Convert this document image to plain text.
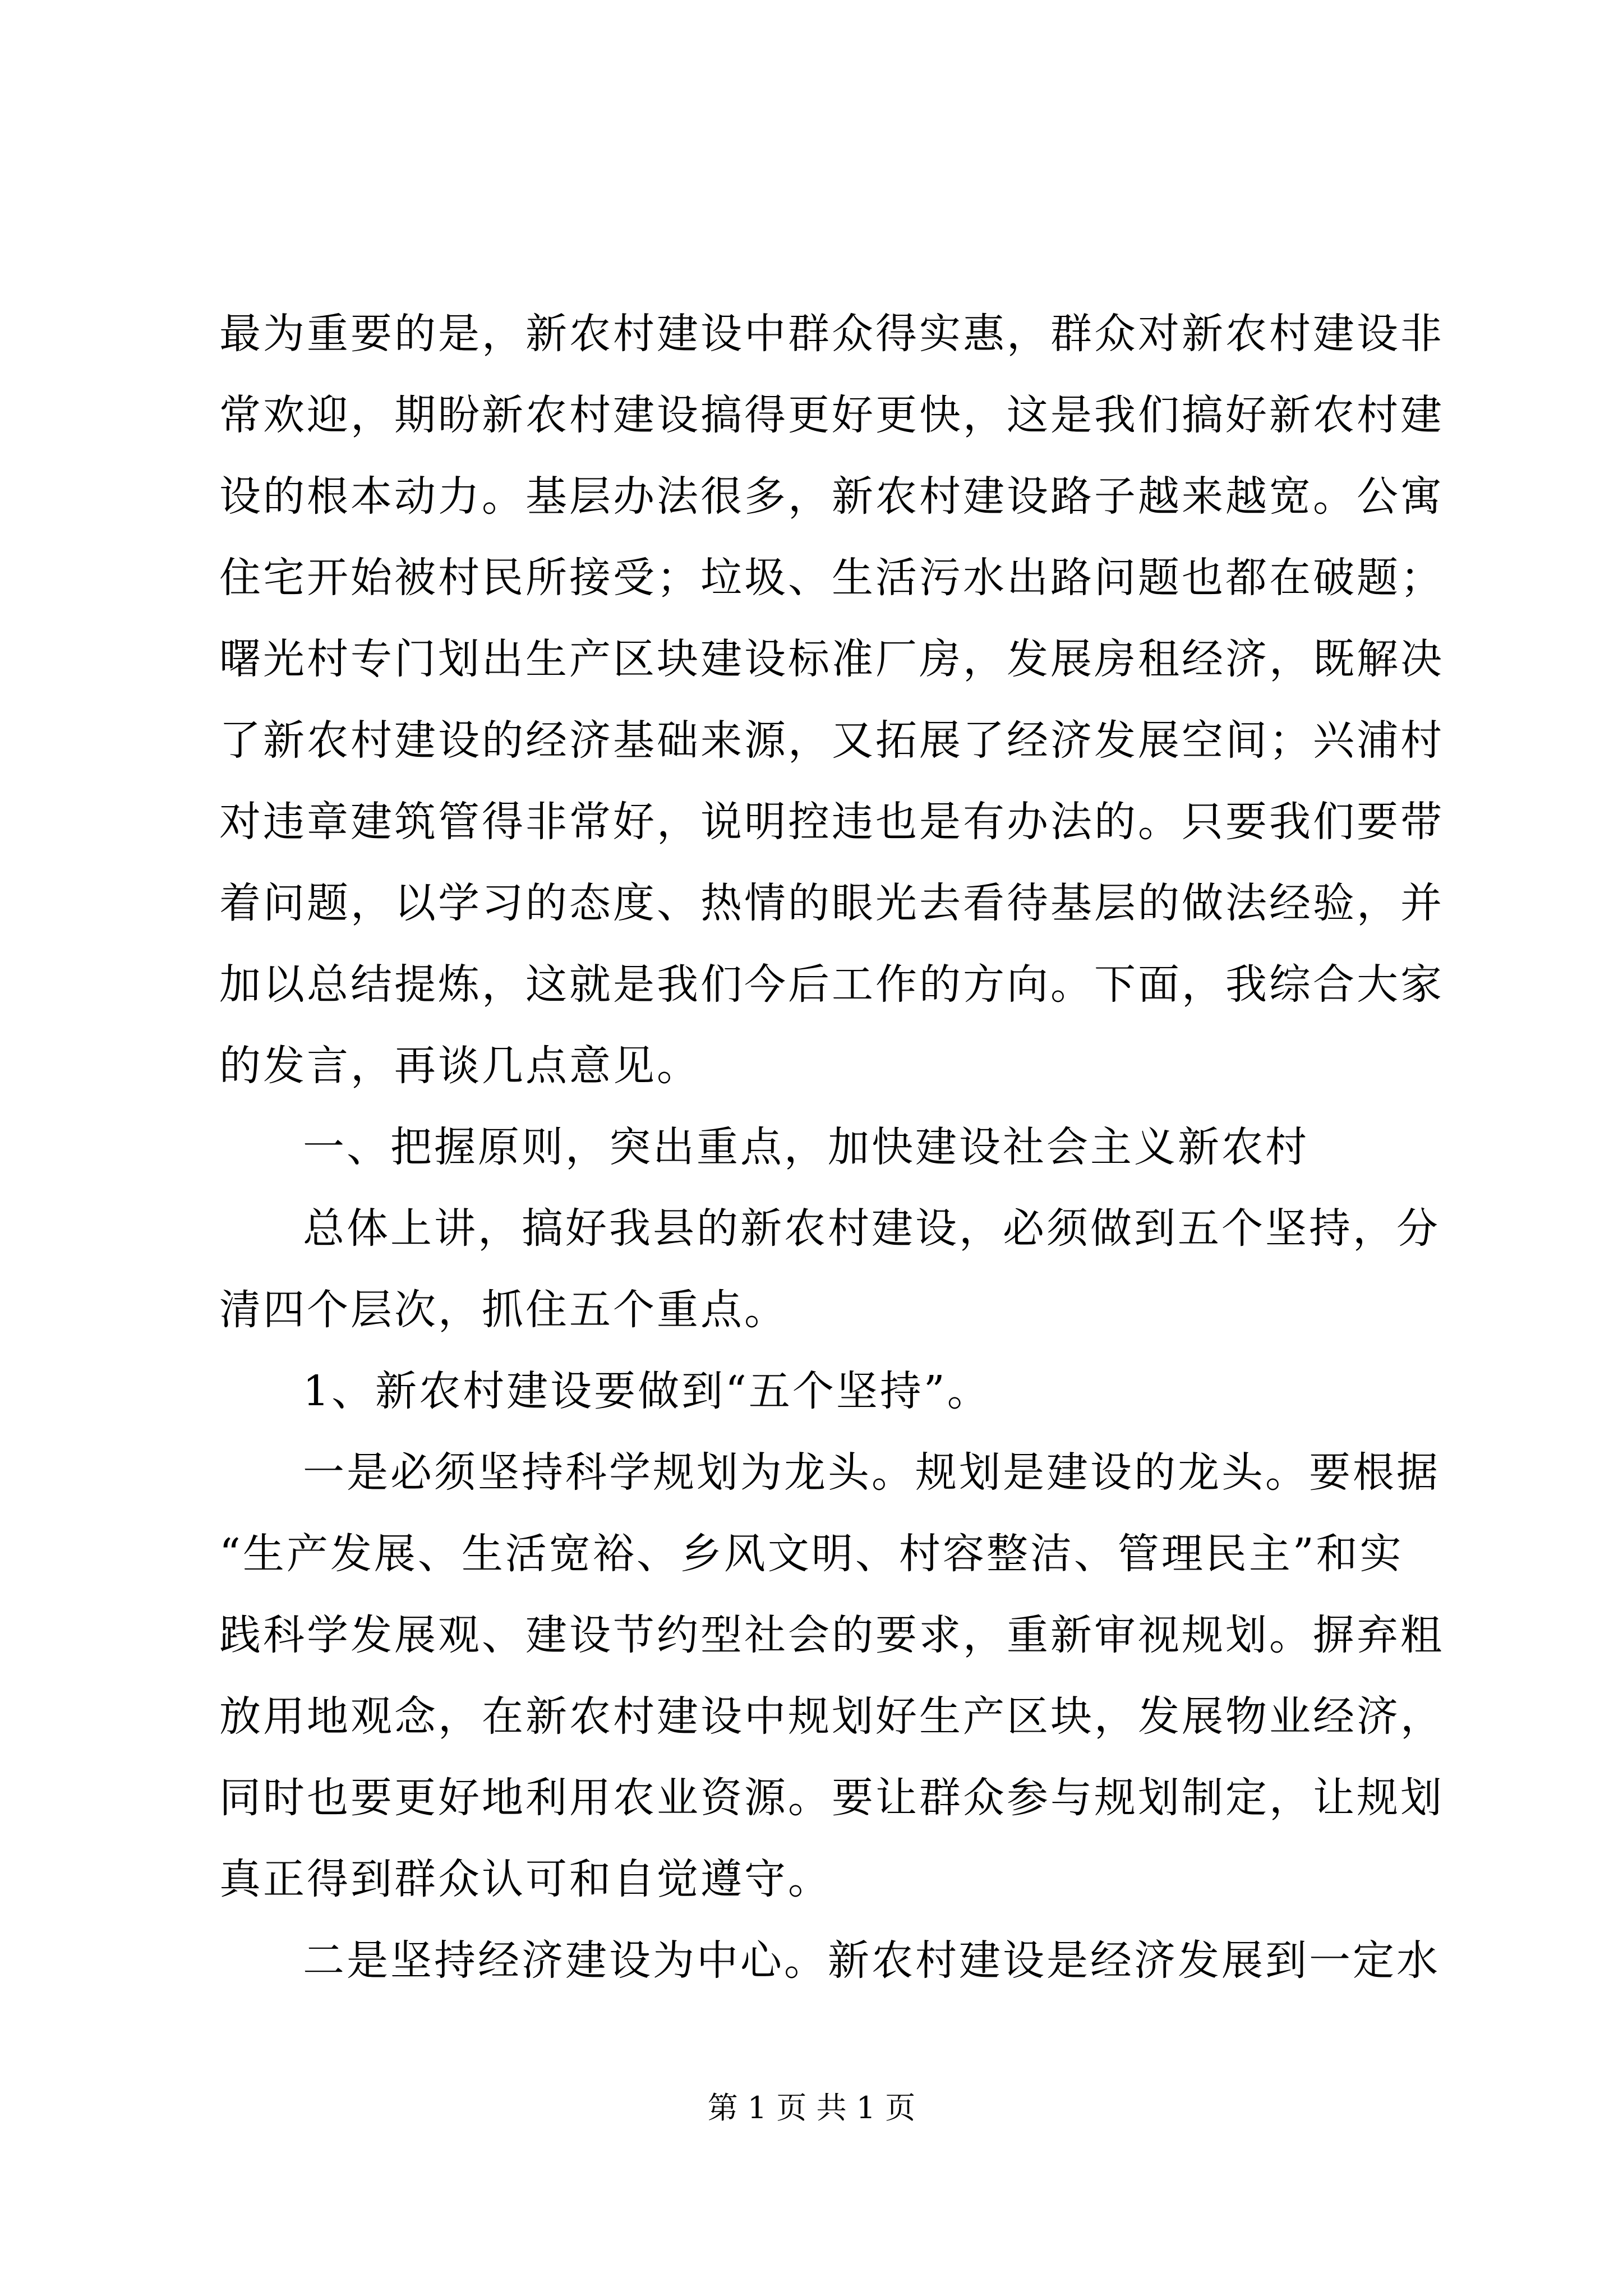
最为重要的是，新农村建设中群众得实惠，群众对新农村建设非
常欢迎，期盼新农村建设搞得更好更快，这是我们搞好新农村建
设的根本动力。基层办法很多，新农村建设路子越来越宽。公寓
住宅开始被村民所接受；垃圾、生活污水出路问题也都在破题；
曙光村专门划出生产区块建设标准厂房，发展房租经济，既解决
了新农村建设的经济基础来源，又拓展了经济发展空间；兴浦村
对违章建筑管得非常好，说明控违也是有办法的。只要我们要带
着问题，以学习的态度、热情的眼光去看待基层的做法经验，并
加以总结提炼，这就是我们今后工作的方向。下面，我综合大家
的发言，再谈几点意见。
一、把握原则，突出重点，加快建设社会主义新农村
总体上讲，搞好我县的新农村建设，必须做到五个坚持，分
清四个层次，抓住五个重点。
1、新农村建设要做到“五个坚持”。
一是必须坚持科学规划为龙头。规划是建设的龙头。要根据
“生产发展、生活宽裕、乡风文明、村容整洁、管理民主”和实
践科学发展观、建设节约型社会的要求，重新审视规划。摒弃粗
放用地观念，在新农村建设中规划好生产区块，发展物业经济，
同时也要更好地利用农业资源。要让群众参与规划制定，让规划
真正得到群众认可和自觉遵守。
二是坚持经济建设为中心。新农村建设是经济发展到一定水
第 1 页 共 1 页
